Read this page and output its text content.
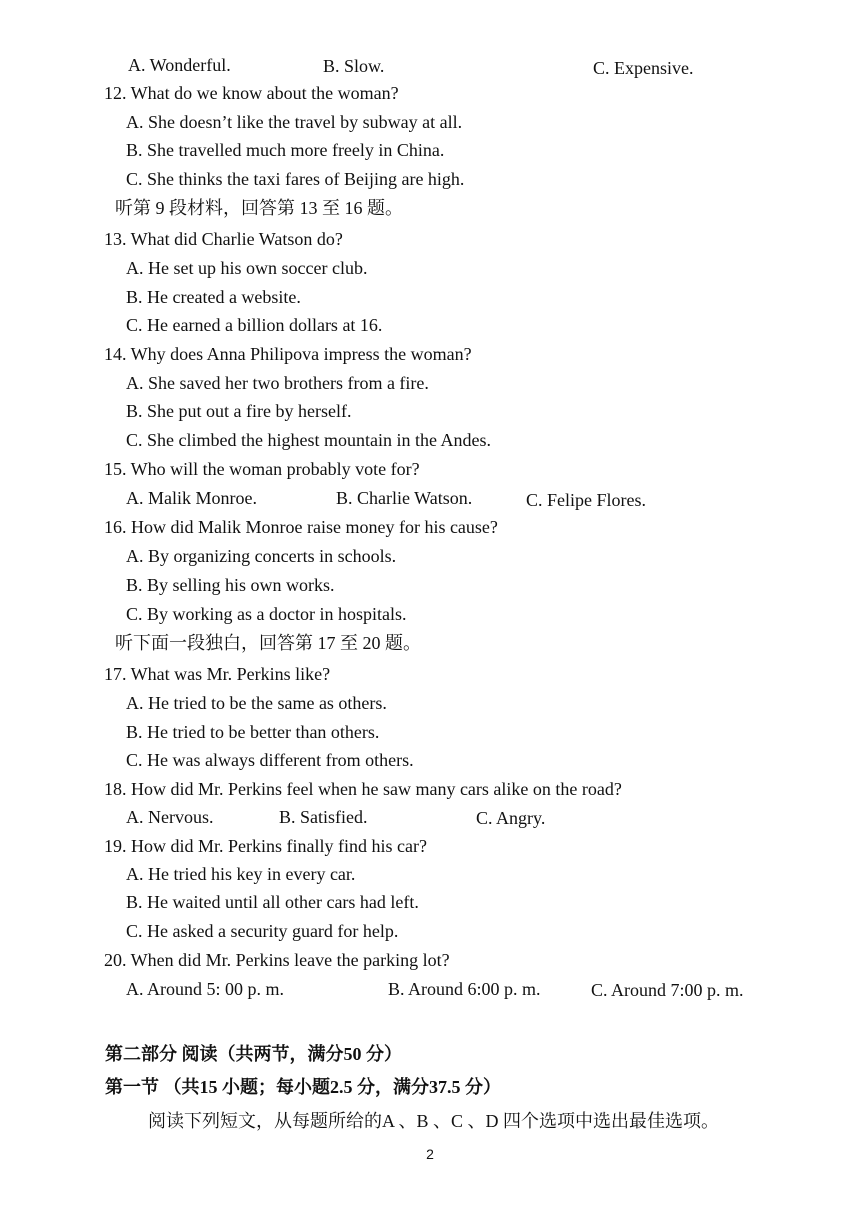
A. Wonderful.	B. Slow.	C. Expensive.
12. What do we know about the woman?
A. She doesn’t like the travel by subway at all.
B. She travelled much more freely in China.
C. She thinks the taxi fares of Beijing are high.
听第 9 段材料，回答第 13 至 16 题。
13. What did Charlie Watson do?
A. He set up his own soccer club.
B. He created a website.
C. He earned a billion dollars at 16.
14. Why does Anna Philipova impress the woman?
A. She saved her two brothers from a fire.
B. She put out a fire by herself.
C. She climbed the highest mountain in the Andes.
15. Who will the woman probably vote for?
A. Malik Monroe.	B. Charlie Watson.	C. Felipe Flores.
16. How did Malik Monroe raise money for his cause?
A. By organizing concerts in schools.
B. By selling his own works.
C. By working as a doctor in hospitals.
听下面一段独白，回答第 17 至 20 题。
17. What was Mr. Perkins like?
A. He tried to be the same as others.
B. He tried to be better than others.
C. He was always different from others.
18. How did Mr. Perkins feel when he saw many cars alike on the road?
A. Nervous.	B. Satisfied.	C. Angry.
19. How did Mr. Perkins finally find his car?
A. He tried his key in every car.
B. He waited until all other cars had left.
C. He asked a security guard for help.
20. When did Mr. Perkins leave the parking lot?
A. Around 5: 00 p. m.	B. Around 6:00 p. m.	C. Around 7:00 p. m.
第二部分 阅读（共两节，满分50 分）
第一节 （共15 小题；每小题2.5 分，满分37.5 分）
阅读下列短文，从每题所给的A 、B 、C 、D 四个选项中选出最佳选项。
2
